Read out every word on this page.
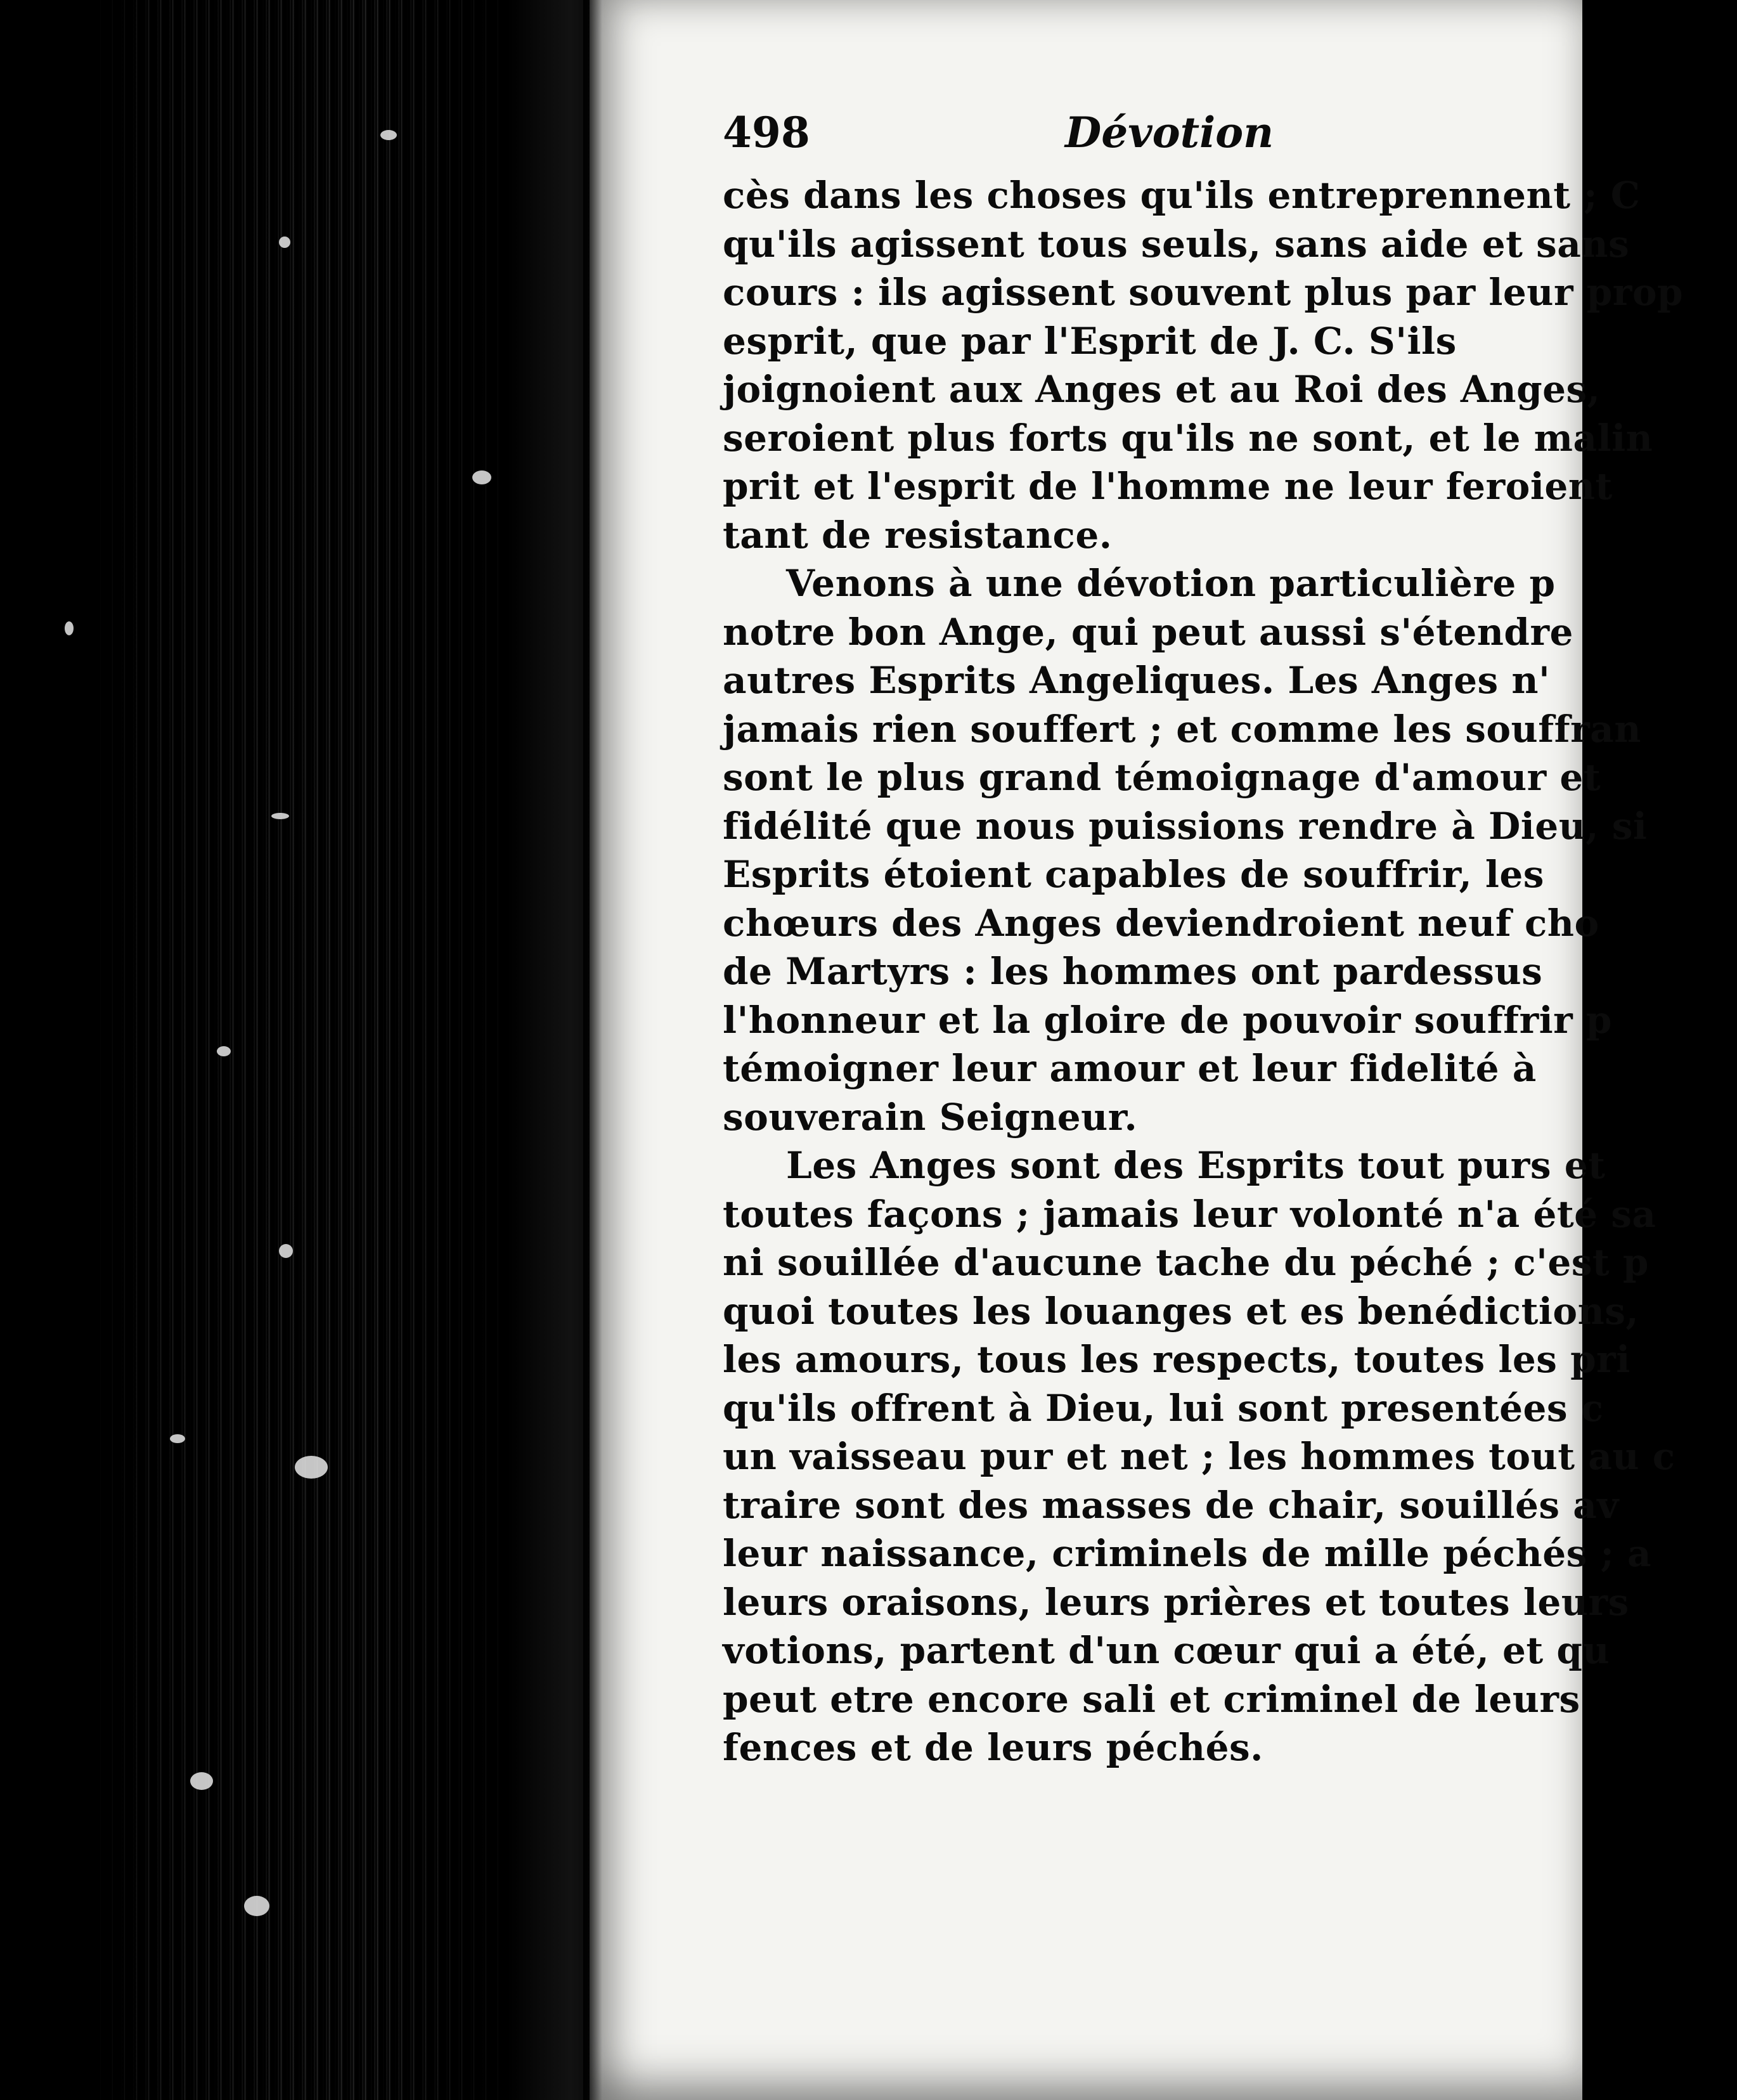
498	Dévotion
cès dans les choses qu'ils entreprennent ; C
qu'ils agissent tous seuls, sans aide et sans
cours : ils agissent souvent plus par leur prop
esprit, que par l'Esprit de J. C. S'ils
joignoient aux Anges et au Roi des Anges,
seroient plus forts qu'ils ne sont, et le malin
prit et l'esprit de l'homme ne leur feroient
tant de resistance.
Venons à une dévotion particulière p
notre bon Ange, qui peut aussi s'étendre
autres Esprits Angeliques. Les Anges n'
jamais rien souffert ; et comme les souffran
sont le plus grand témoignage d'amour et
fidélité que nous puissions rendre à Dieu, si
Esprits étoient capables de souffrir, les
chœurs des Anges deviendroient neuf cho
de Martyrs : les hommes ont pardessus
l'honneur et la gloire de pouvoir souffrir p
témoigner leur amour et leur fidelité à
souverain Seigneur.
Les Anges sont des Esprits tout purs et
toutes façons ; jamais leur volonté n'a été sa
ni souillée d'aucune tache du péché ; c'est p
quoi toutes les louanges et es benédictions,
les amours, tous les respects, toutes les pri
qu'ils offrent à Dieu, lui sont presentées c
un vaisseau pur et net ; les hommes tout au c
traire sont des masses de chair, souillés av
leur naissance, criminels de mille péchés ; a
leurs oraisons, leurs prières et toutes leurs
votions, partent d'un cœur qui a été, et qu
peut etre encore sali et criminel de leurs
fences et de leurs péchés.
